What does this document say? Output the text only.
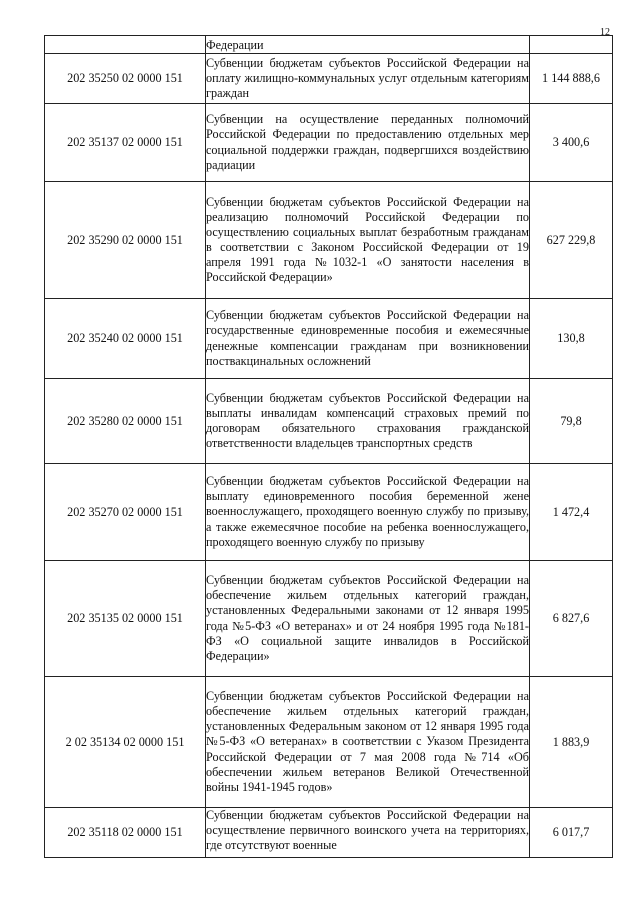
12
	Федерации	
202 35250 02 0000 151	Субвенции бюджетам субъектов Российской Федерации на оплату жилищно-коммунальных услуг отдельным категориям граждан	1 144 888,6
202 35137 02 0000 151	Субвенции на осуществление переданных полномочий Российской Федерации по предоставлению отдельных мер социальной поддержки граждан, подвергшихся воздействию радиации	3 400,6
202 35290 02 0000 151	Субвенции бюджетам субъектов Российской Федерации на реализацию полномочий Российской Федерации по осуществлению социальных выплат безработным гражданам в соответствии с Законом Российской Федерации от 19 апреля 1991 года №1032-1 «О занятости населения в Российской Федерации»	627 229,8
202 35240 02 0000 151	Субвенции бюджетам субъектов Российской Федерации на государственные единовременные пособия и ежемесячные денежные компенсации гражданам при возникновении поствакцинальных осложнений	130,8
202 35280 02 0000 151	Субвенции бюджетам субъектов Российской Федерации на выплаты инвалидам компенсаций страховых премий по договорам обязательного страхования гражданской ответственности владельцев транспортных средств	79,8
202 35270 02 0000 151	Субвенции бюджетам субъектов Российской Федерации на выплату единовременного пособия беременной жене военнослужащего, проходящего военную службу по призыву, а также ежемесячное пособие на ребенка военнослужащего, проходящего военную службу по призыву	1 472,4
202 35135 02 0000 151	Субвенции бюджетам субъектов Российской Федерации на обеспечение жильем отдельных категорий граждан, установленных Федеральными законами от 12 января 1995 года №5-ФЗ «О ветеранах» и от 24 ноября 1995 года №181-ФЗ «О социальной защите инвалидов в Российской Федерации»	6 827,6
2 02 35134 02 0000 151	Субвенции бюджетам субъектов Российской Федерации на обеспечение жильем отдельных категорий граждан, установленных Федеральным законом от 12 января 1995 года №5-ФЗ «О ветеранах» в соответствии с Указом Президента Российской Федерации от 7 мая 2008 года №714 «Об обеспечении жильем ветеранов Великой Отечественной войны 1941-1945 годов»	1 883,9
202 35118 02 0000 151	Субвенции бюджетам субъектов Российской Федерации на осуществление первичного воинского учета на территориях, где отсутствуют военные	6 017,7
